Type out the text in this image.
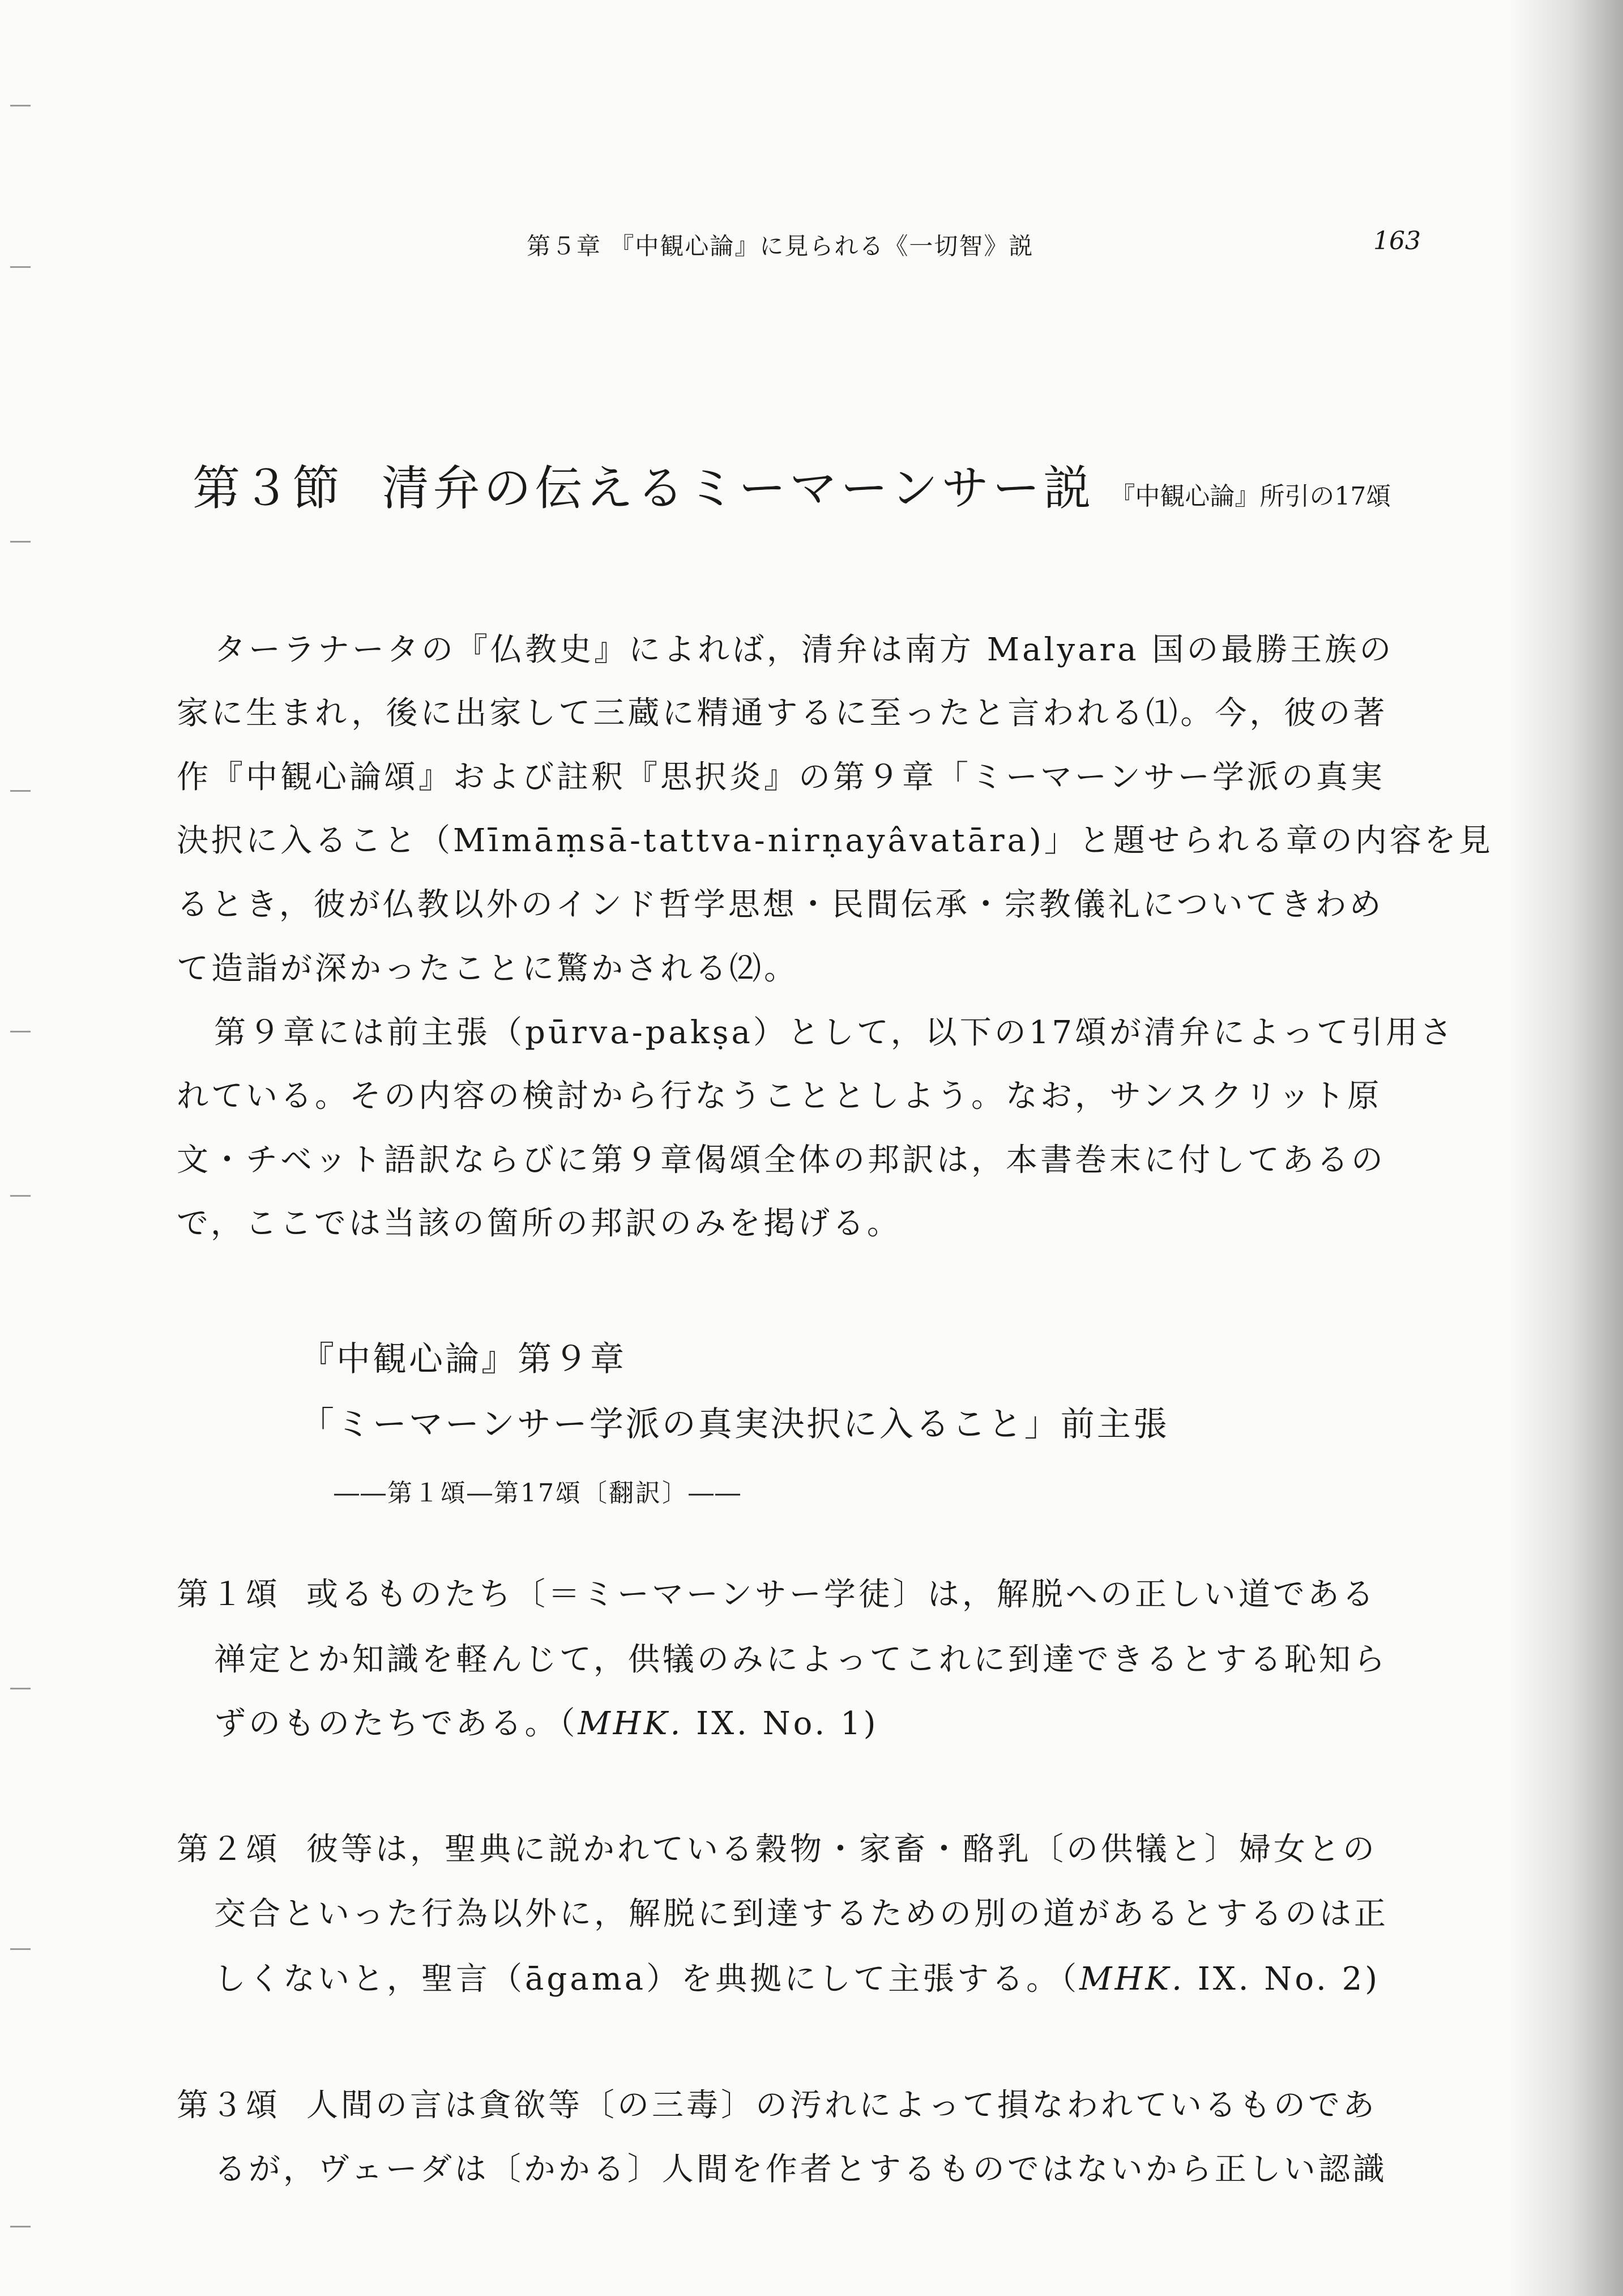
第５章 『中観心論』に見られる《一切智》説	163
第３節 清弁の伝えるミーマーンサー説 『中観心論』所引の17頌
ターラナータの『仏教史』によれば，清弁は南方 Malyara 国の最勝王族の
家に生まれ，後に出家して三蔵に精通するに至ったと言われる⑴。今，彼の著
作『中観心論頌』および註釈『思択炎』の第９章「ミーマーンサー学派の真実
決択に入ること（Mīmāṃsā-tattva-nirṇayâvatāra)」と題せられる章の内容を見
るとき，彼が仏教以外のインド哲学思想・民間伝承・宗教儀礼についてきわめ
て造詣が深かったことに驚かされる⑵。
第９章には前主張（pūrva-pakṣa）として，以下の17頌が清弁によって引用さ
れている。その内容の検討から行なうこととしよう。なお，サンスクリット原
文・チベット語訳ならびに第９章偈頌全体の邦訳は，本書巻末に付してあるの
で，ここでは当該の箇所の邦訳のみを掲げる。
『中観心論』第９章
「ミーマーンサー学派の真実決択に入ること」前主張
――第１頌―第17頌〔翻訳〕――
第１頌 或るものたち〔＝ミーマーンサー学徒〕は，解脱への正しい道である
禅定とか知識を軽んじて，供犠のみによってこれに到達できるとする恥知ら
ずのものたちである。（MHK. IX. No. 1)
第２頌 彼等は，聖典に説かれている穀物・家畜・酪乳〔の供犠と〕婦女との
交合といった行為以外に，解脱に到達するための別の道があるとするのは正
しくないと，聖言（āgama）を典拠にして主張する。（MHK. IX. No. 2)
第３頌 人間の言は貪欲等〔の三毒〕の汚れによって損なわれているものであ
るが，ヴェーダは〔かかる〕人間を作者とするものではないから正しい認識
